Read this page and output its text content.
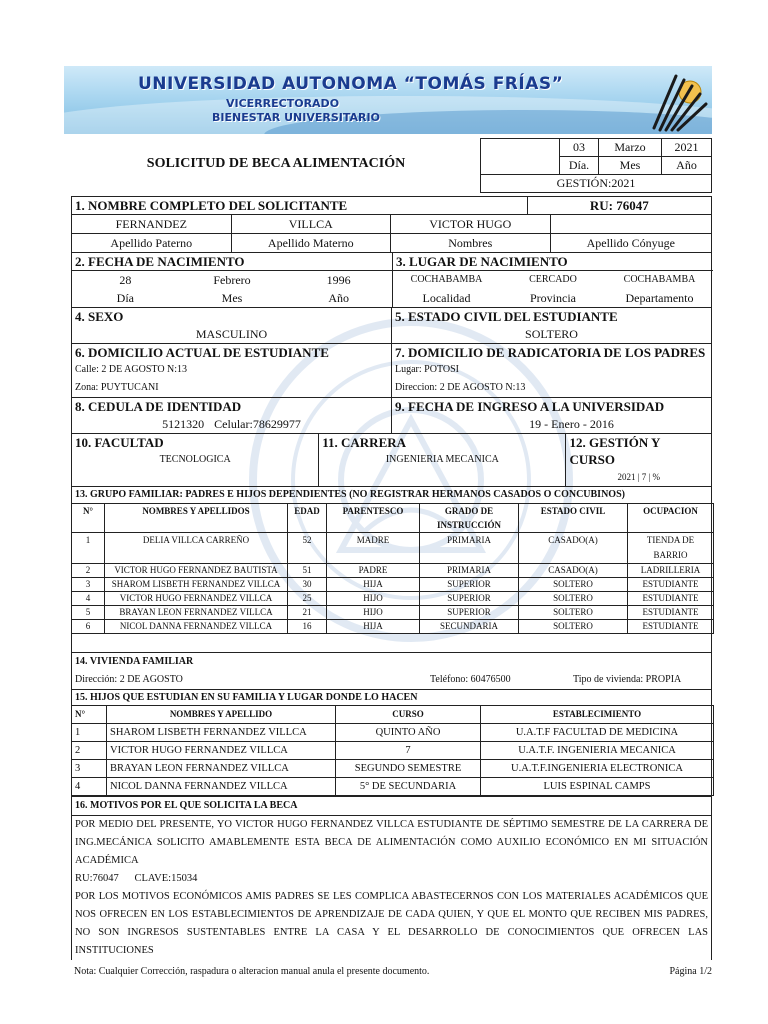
UNIVERSIDAD AUTONOMA “TOMÁS FRÍAS”
VICERRECTORADO
BIENESTAR UNIVERSITARIO
SOLICITUD DE BECA ALIMENTACIÓN
	03	Marzo	2021
	Día.	Mes	Año
GESTIÓN:2021			
1. NOMBRE COMPLETO DEL SOLICITANTE	RU: 76047
FERNANDEZ	VILLCA	VICTOR HUGO
Apellido Paterno	Apellido Materno	Nombres	Apellido Cónyuge
2. FECHA DE NACIMIENTO
28	Febrero	1996
Día	Mes	Año
3. LUGAR DE NACIMIENTO
COCHABAMBA	CERCADO	COCHABAMBA
Localidad	Provincia	Departamento
4. SEXO
MASCULINO
5. ESTADO CIVIL DEL ESTUDIANTE
SOLTERO
6. DOMICILIO ACTUAL DE ESTUDIANTE
Calle: 2 DE AGOSTO N:13
Zona: PUYTUCANI
7. DOMICILIO DE RADICATORIA DE LOS PADRES
Lugar: POTOSI
Direccion: 2 DE AGOSTO N:13
8. CEDULA DE IDENTIDAD
5121320 Celular:78629977
9. FECHA DE INGRESO A LA UNIVERSIDAD
19 - Enero - 2016
10. FACULTAD
TECNOLOGICA
11. CARRERA
INGENIERIA MECANICA
12. GESTIÓN Y CURSO
2021 | 7 | %
13. GRUPO FAMILIAR: PADRES E HIJOS DEPENDIENTES (NO REGISTRAR HERMANOS CASADOS O CONCUBINOS)
N°	NOMBRES Y APELLIDOS	EDAD	PARENTESCO	GRADO DE INSTRUCCIÓN	ESTADO CIVIL	OCUPACION
1	DELIA VILLCA CARREÑO	52	MADRE	PRIMARIA	CASADO(A)	TIENDA DE BARRIO
2	VICTOR HUGO FERNANDEZ BAUTISTA	51	PADRE	PRIMARIA	CASADO(A)	LADRILLERIA
3	SHAROM LISBETH FERNANDEZ VILLCA	30	HIJA	SUPERIOR	SOLTERO	ESTUDIANTE
4	VICTOR HUGO FERNANDEZ VILLCA	25	HIJO	SUPERIOR	SOLTERO	ESTUDIANTE
5	BRAYAN LEON FERNANDEZ VILLCA	21	HIJO	SUPERIOR	SOLTERO	ESTUDIANTE
6	NICOL DANNA FERNANDEZ VILLCA	16	HIJA	SECUNDARIA	SOLTERO	ESTUDIANTE
14. VIVIENDA FAMILIAR
Dirección: 2 DE AGOSTO	Teléfono: 60476500	Tipo de vivienda: PROPIA
15. HIJOS QUE ESTUDIAN EN SU FAMILIA Y LUGAR DONDE LO HACEN
N°	NOMBRES Y APELLIDO	CURSO	ESTABLECIMIENTO
1	SHAROM LISBETH FERNANDEZ VILLCA	QUINTO AÑO	U.A.T.F FACULTAD DE MEDICINA
2	VICTOR HUGO FERNANDEZ VILLCA	7	U.A.T.F. INGENIERIA MECANICA
3	BRAYAN LEON FERNANDEZ VILLCA	SEGUNDO SEMESTRE	U.A.T.F.INGENIERIA ELECTRONICA
4	NICOL DANNA FERNANDEZ VILLCA	5° DE SECUNDARIA	LUIS ESPINAL CAMPS
16. MOTIVOS POR EL QUE SOLICITA LA BECA
POR MEDIO DEL PRESENTE, YO VICTOR HUGO FERNANDEZ VILLCA ESTUDIANTE DE SÉPTIMO SEMESTRE DE LA CARRERA DE ING.MECÁNICA SOLICITO AMABLEMENTE ESTA BECA DE ALIMENTACIÓN COMO AUXILIO ECONÓMICO EN MI SITUACIÓN ACADÉMICA
RU:76047 CLAVE:15034
POR LOS MOTIVOS ECONÓMICOS AMIS PADRES SE LES COMPLICA ABASTECERNOS CON LOS MATERIALES ACADÉMICOS QUE NOS OFRECEN EN LOS ESTABLECIMIENTOS DE APRENDIZAJE DE CADA QUIEN, Y QUE EL MONTO QUE RECIBEN MIS PADRES, NO SON INGRESOS SUSTENTABLES ENTRE LA CASA Y EL DESARROLLO DE CONOCIMIENTOS QUE OFRECEN LAS INSTITUCIONES
Nota: Cualquier Corrección, raspadura o alteracion manual anula el presente documento.	Página 1/2
